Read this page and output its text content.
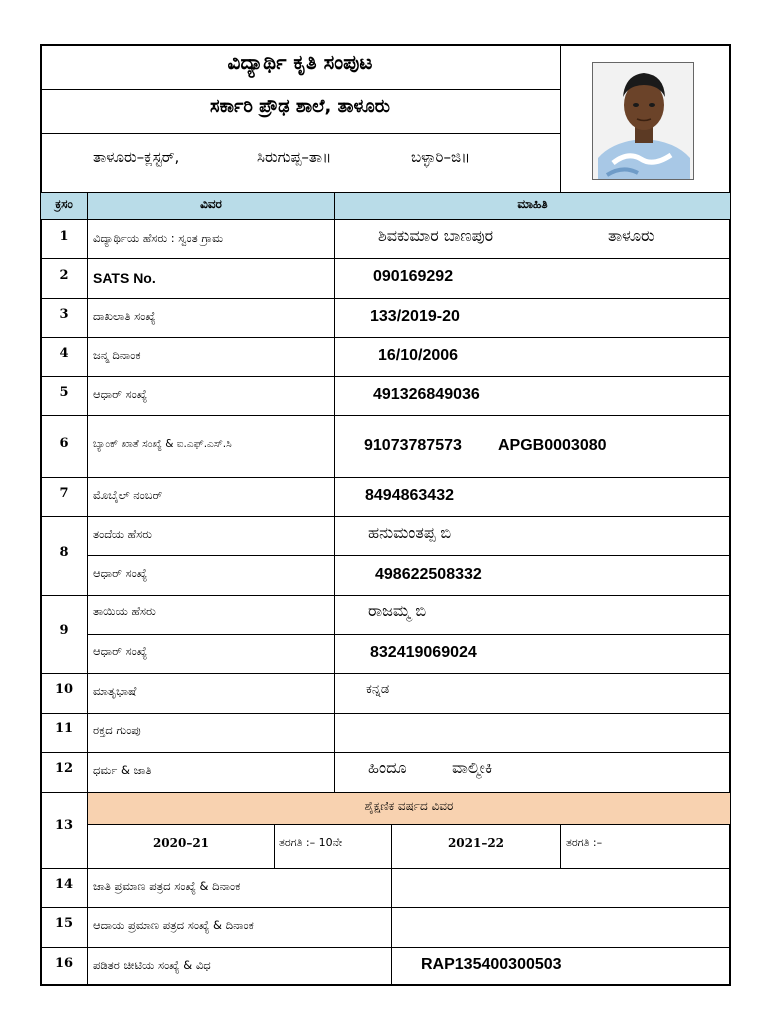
ವಿದ್ಯಾರ್ಥಿ ಕೃತಿ ಸಂಪುಟ
ಸರ್ಕಾರಿ ಪ್ರೌಢ ಶಾಲೆ, ತಾಳೂರು
ತಾಳೂರು–ಕ್ಲಸ್ಟರ್,	ಸಿರುಗುಪ್ಪ–ತಾ॥	ಬಳ್ಳಾರಿ–ಜಿ॥
ಕ್ರಸಂ	ವಿವರ	ಮಾಹಿತಿ
1	ವಿದ್ಯಾರ್ಥಿಯ ಹೆಸರು : ಸ್ವಂತ ಗ್ರಾಮ	ಶಿವಕುಮಾರ ಬಾಣಪುರ	ತಾಳೂರು
2	SATS No.	090169292
3	ದಾಖಲಾತಿ ಸಂಖ್ಯೆ	133/2019-20
4	ಜನ್ಮ ದಿನಾಂಕ	16/10/2006
5	ಆಧಾರ್ ಸಂಖ್ಯೆ	491326849036
6	ಬ್ಯಾಂಕ್ ಖಾತೆ ಸಂಖ್ಯೆ & ಐ.ಎಫ್.ಎಸ್.ಸಿ	91073787573 APGB0003080
7	ಮೊಬೈಲ್ ನಂಬರ್	8494863432
8
ತಂದೆಯ ಹೆಸರು	ಹನುಮಂತಪ್ಪ ಬಿ
ಆಧಾರ್ ಸಂಖ್ಯೆ	498622508332
9
ತಾಯಿಯ ಹೆಸರು	ರಾಜಮ್ಮ ಬಿ
ಆಧಾರ್ ಸಂಖ್ಯೆ	832419069024
10	ಮಾತೃಭಾಷೆ	ಕನ್ನಡ
11	ರಕ್ತದ ಗುಂಪು
12	ಧರ್ಮ & ಜಾತಿ	ಹಿಂದೂ	ವಾಲ್ಮೀಕಿ
13
ಶೈಕ್ಷಣಿಕ ವರ್ಷದ ವಿವರ
2020–21	ತರಗತಿ :– 10ನೇ	2021–22	ತರಗತಿ :–
14	ಜಾತಿ ಪ್ರಮಾಣ ಪತ್ರದ ಸಂಖ್ಯೆ & ದಿನಾಂಕ
15	ಆದಾಯ ಪ್ರಮಾಣ ಪತ್ರದ ಸಂಖ್ಯೆ & ದಿನಾಂಕ
16	ಪಡಿತರ ಚೀಟಿಯ ಸಂಖ್ಯೆ & ವಿಧ	RAP135400300503
